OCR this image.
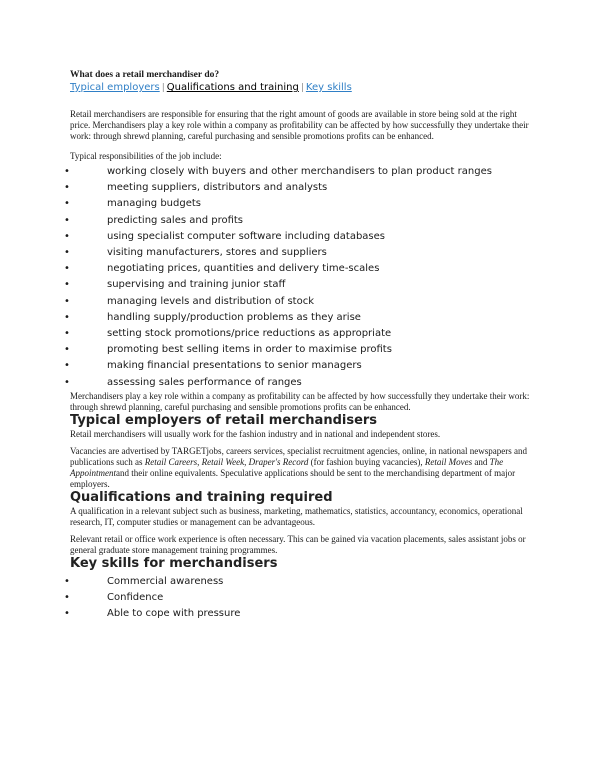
What does a retail merchandiser do?
Typical employers | Qualifications and training | Key skills

Retail merchandisers are responsible for ensuring that the right amount of goods are available in store being sold at the right price. Merchandisers play a key role within a company as profitability can be affected by how successfully they undertake their work: through shrewd planning, careful purchasing and sensible promotions profits can be enhanced.

Typical responsibilities of the job include:

•	working closely with buyers and other merchandisers to plan product ranges
•	meeting suppliers, distributors and analysts
•	managing budgets
•	predicting sales and profits
•	using specialist computer software including databases
•	visiting manufacturers, stores and suppliers
•	negotiating prices, quantities and delivery time-scales
•	supervising and training junior staff
•	managing levels and distribution of stock
•	handling supply/production problems as they arise
•	setting stock promotions/price reductions as appropriate
•	promoting best selling items in order to maximise profits
•	making financial presentations to senior managers
•	assessing sales performance of ranges

Merchandisers play a key role within a company as profitability can be affected by how successfully they undertake their work: through shrewd planning, careful purchasing and sensible promotions profits can be enhanced.

Typical employers of retail merchandisers

Retail merchandisers will usually work for the fashion industry and in national and independent stores.

Vacancies are advertised by TARGETjobs, careers services, specialist recruitment agencies, online, in national newspapers and publications such as Retail Careers, Retail Week, Draper's Record (for fashion buying vacancies), Retail Moves and The Appointmentand their online equivalents. Speculative applications should be sent to the merchandising department of major employers.

Qualifications and training required

A qualification in a relevant subject such as business, marketing, mathematics, statistics, accountancy, economics, operational research, IT, computer studies or management can be advantageous.

Relevant retail or office work experience is often necessary. This can be gained via vacation placements, sales assistant jobs or general graduate store management training programmes.

Key skills for merchandisers
•	Commercial awareness
•	Confidence
•	Able to cope with pressure
